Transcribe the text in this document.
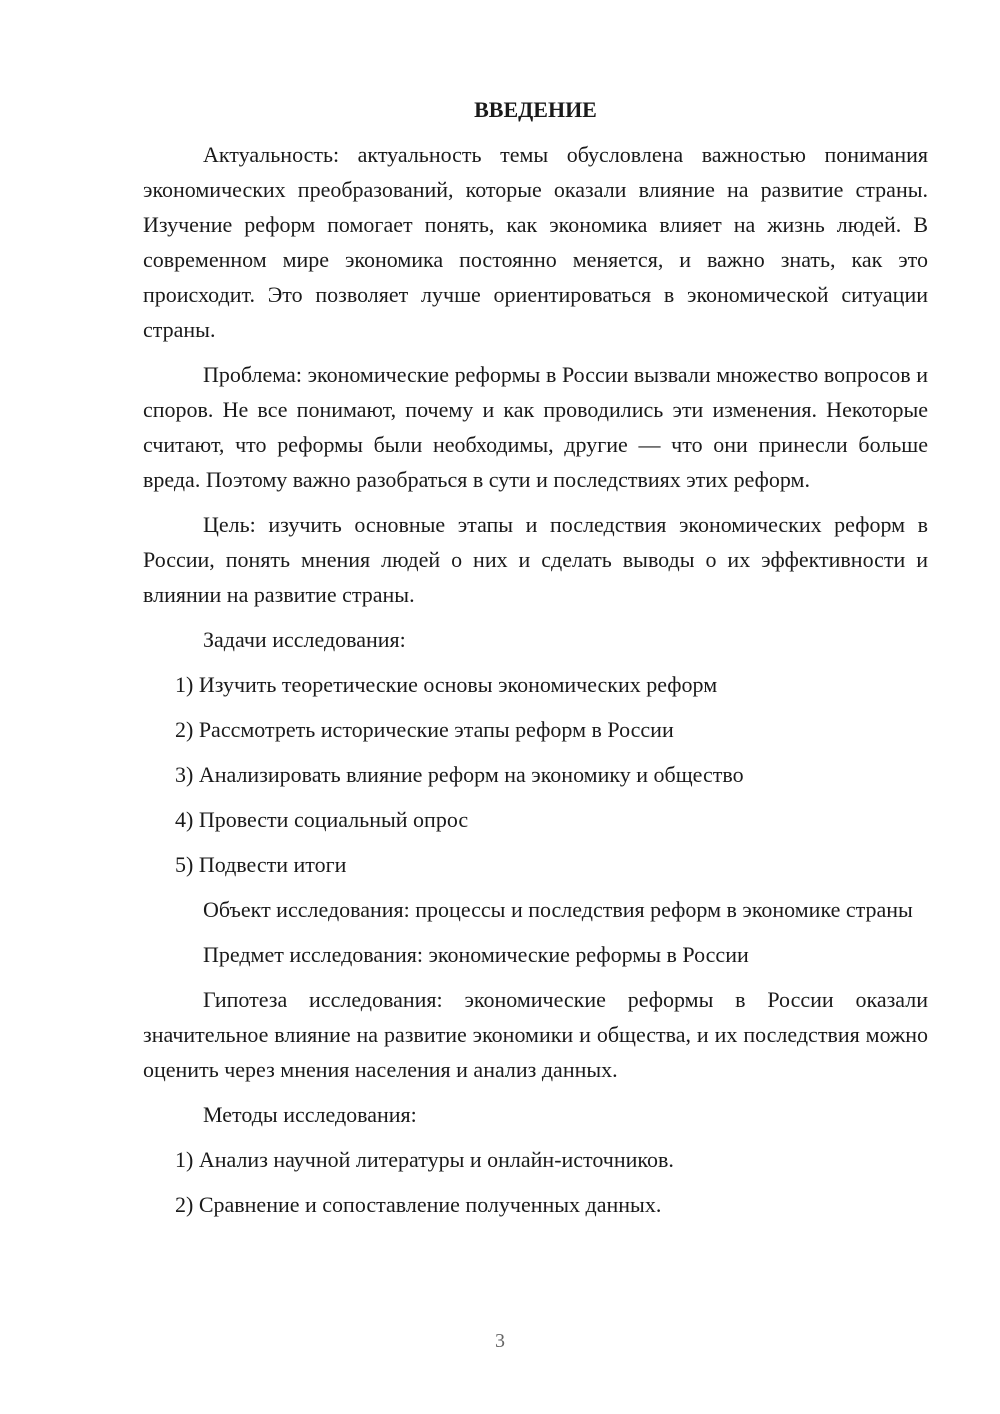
ВВЕДЕНИЕ

Актуальность: актуальность темы обусловлена важностью понимания экономических преобразований, которые оказали влияние на развитие страны. Изучение реформ помогает понять, как экономика влияет на жизнь людей. В современном мире экономика постоянно меняется, и важно знать, как это происходит. Это позволяет лучше ориентироваться в экономической ситуации страны.

Проблема: экономические реформы в России вызвали множество вопросов и споров. Не все понимают, почему и как проводились эти изменения. Некоторые считают, что реформы были необходимы, другие — что они принесли больше вреда. Поэтому важно разобраться в сути и последствиях этих реформ.

Цель: изучить основные этапы и последствия экономических реформ в России, понять мнения людей о них и сделать выводы о их эффективности и влиянии на развитие страны.

Задачи исследования:

1) Изучить теоретические основы экономических реформ
2) Рассмотреть исторические этапы реформ в России
3) Анализировать влияние реформ на экономику и общество
4) Провести социальный опрос
5) Подвести итоги

Объект исследования: процессы и последствия реформ в экономике страны

Предмет исследования: экономические реформы в России

Гипотеза исследования: экономические реформы в России оказали значительное влияние на развитие экономики и общества, и их последствия можно оценить через мнения населения и анализ данных.

Методы исследования:

1) Анализ научной литературы и онлайн-источников.
2) Сравнение и сопоставление полученных данных.
3
